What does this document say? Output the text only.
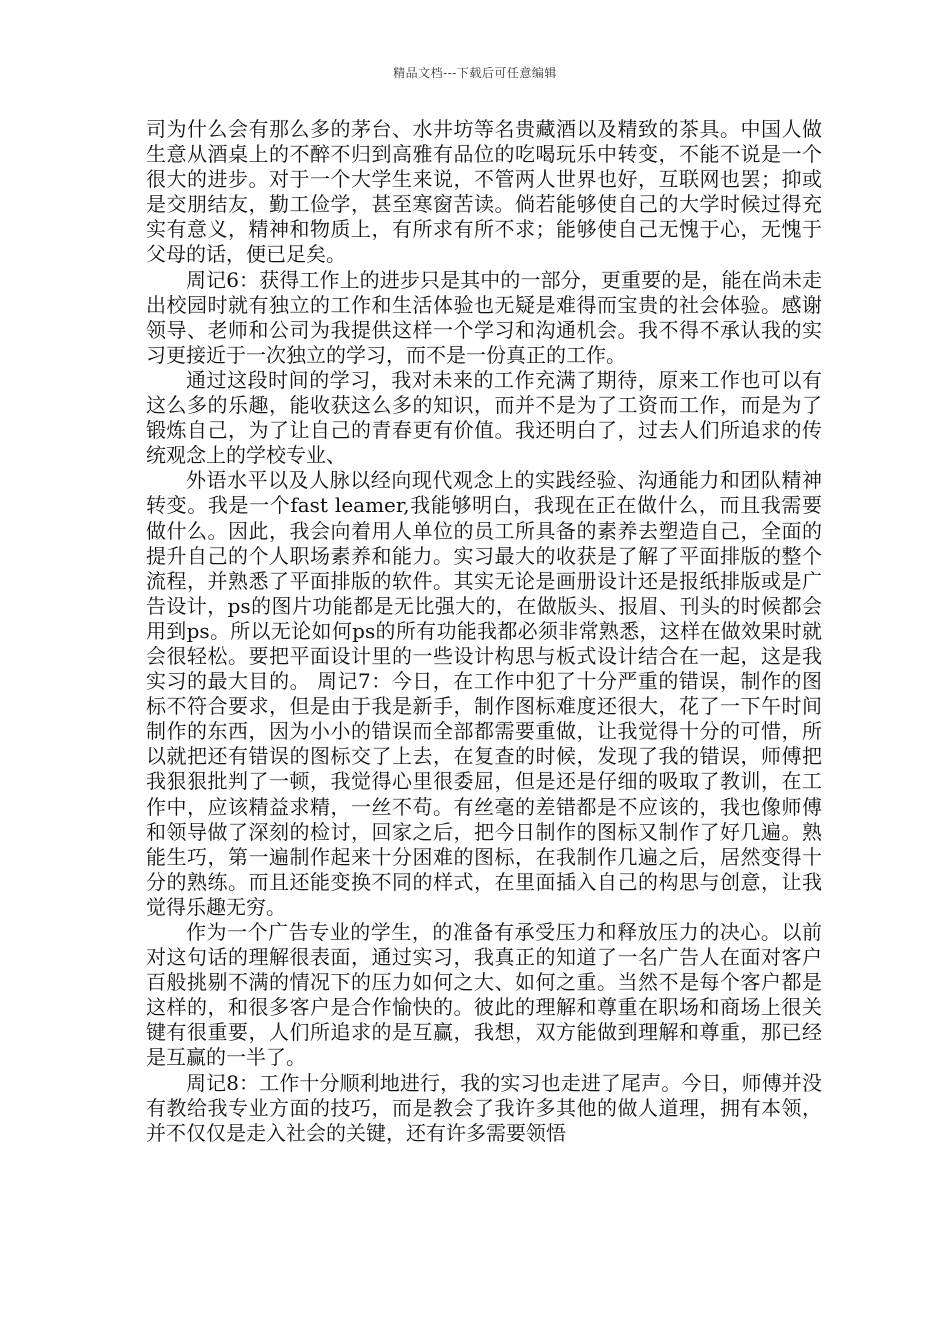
精品文档---下载后可任意编辑

司为什么会有那么多的茅台、水井坊等名贵藏酒以及精致的茶具。中国人做生意从酒桌上的不醉不归到高雅有品位的吃喝玩乐中转变，不能不说是一个很大的进步。对于一个大学生来说，不管两人世界也好，互联网也罢；抑或是交朋结友，勤工俭学，甚至寒窗苦读。倘若能够使自己的大学时候过得充实有意义，精神和物质上，有所求有所不求；能够使自己无愧于心，无愧于父母的话，便已足矣。

周记6：获得工作上的进步只是其中的一部分，更重要的是，能在尚未走出校园时就有独立的工作和生活体验也无疑是难得而宝贵的社会体验。感谢领导、老师和公司为我提供这样一个学习和沟通机会。我不得不承认我的实习更接近于一次独立的学习，而不是一份真正的工作。

通过这段时间的学习，我对未来的工作充满了期待，原来工作也可以有这么多的乐趣，能收获这么多的知识，而并不是为了工资而工作，而是为了锻炼自己，为了让自己的青春更有价值。我还明白了，过去人们所追求的传统观念上的学校专业、

外语水平以及人脉以经向现代观念上的实践经验、沟通能力和团队精神转变。我是一个fast leamer,我能够明白，我现在正在做什么，而且我需要做什么。因此，我会向着用人单位的员工所具备的素养去塑造自己，全面的提升自己的个人职场素养和能力。实习最大的收获是了解了平面排版的整个流程，并熟悉了平面排版的软件。其实无论是画册设计还是报纸排版或是广告设计，ps的图片功能都是无比强大的，在做版头、报眉、刊头的时候都会用到ps。所以无论如何ps的所有功能我都必须非常熟悉，这样在做效果时就会很轻松。要把平面设计里的一些设计构思与板式设计结合在一起，这是我实习的最大目的。 周记7：今日，在工作中犯了十分严重的错误，制作的图标不符合要求，但是由于我是新手，制作图标难度还很大，花了一下午时间制作的东西，因为小小的错误而全部都需要重做，让我觉得十分的可惜，所以就把还有错误的图标交了上去，在复查的时候，发现了我的错误，师傅把我狠狠批判了一顿，我觉得心里很委屈，但是还是仔细的吸取了教训，在工作中，应该精益求精，一丝不苟。有丝毫的差错都是不应该的，我也像师傅和领导做了深刻的检讨，回家之后，把今日制作的图标又制作了好几遍。熟能生巧，第一遍制作起来十分困难的图标，在我制作几遍之后，居然变得十分的熟练。而且还能变换不同的样式，在里面插入自己的构思与创意，让我觉得乐趣无穷。

作为一个广告专业的学生，的准备有承受压力和释放压力的决心。以前对这句话的理解很表面，通过实习，我真正的知道了一名广告人在面对客户百般挑剔不满的情况下的压力如何之大、如何之重。当然不是每个客户都是这样的，和很多客户是合作愉快的。彼此的理解和尊重在职场和商场上很关键有很重要，人们所追求的是互赢，我想，双方能做到理解和尊重，那已经是互赢的一半了。

周记8：工作十分顺利地进行，我的实习也走进了尾声。今日，师傅并没有教给我专业方面的技巧，而是教会了我许多其他的做人道理，拥有本领，并不仅仅是走入社会的关键，还有许多需要领悟
